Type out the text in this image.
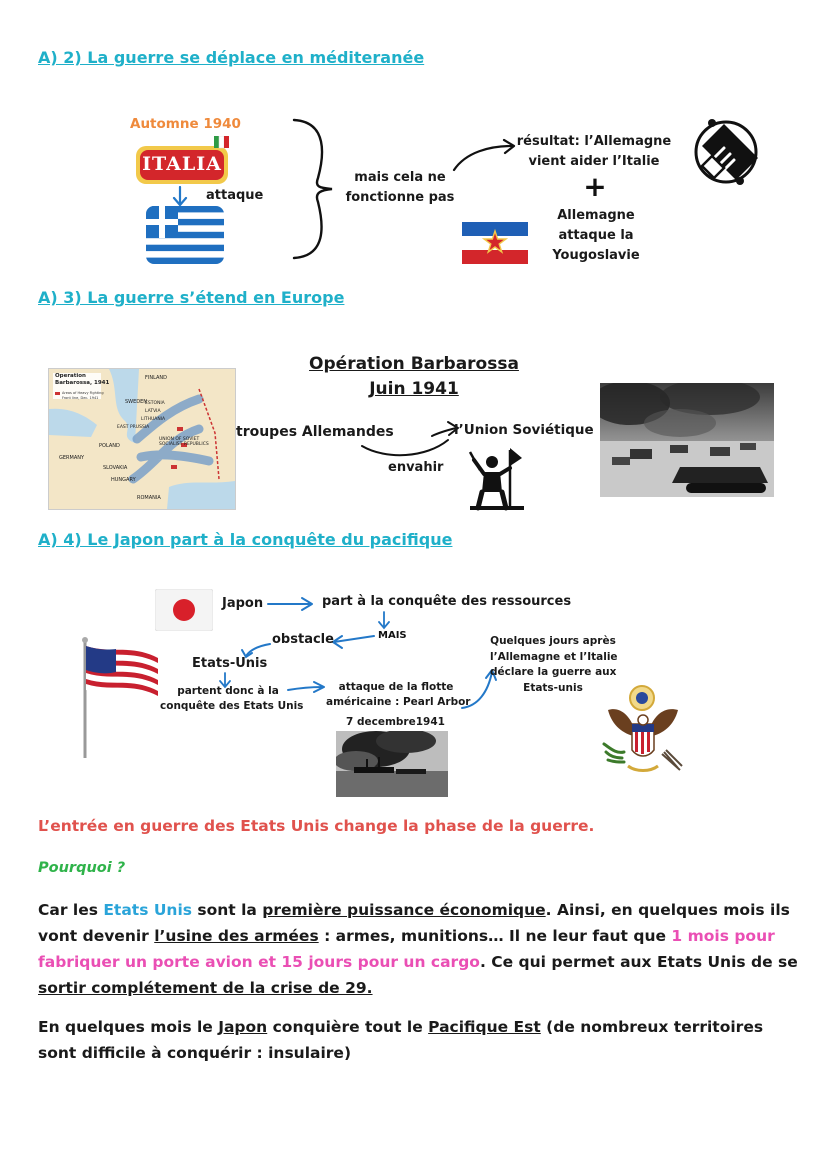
A) 2) La guerre se déplace en méditeranée
Automne 1940
ITALIA
attaque
mais cela ne
fonctionne pas
résultat: l’Allemagne
vient aider l’Italie
+
Allemagne
attaque la
Yougoslavie
A) 3) La guerre s’étend en Europe
Opération Barbarossa
Juin 1941
Operation
Barbarossa, 1941
Areas of Heavy Fighting
Front line, Dec. 1941
FINLAND
SWEDEN
ESTONIA
LATVIA
LITHUANIA
EAST PRUSSIA
POLAND
GERMANY
SLOVAKIA
HUNGARY
ROMANIA
UNION OF SOVIET SOCIALIST REPUBLICS
troupes Allemandes
envahir
l’Union Soviétique
A) 4) Le Japon part à la conquête du pacifique
Japon	part à la conquête des ressources
MAIS
obstacle
Etats-Unis
partent donc à la
conquête des Etats Unis
attaque de la flotte
américaine : Pearl Arbor
7 decembre1941
Quelques jours après
l’Allemagne et l’Italie
déclare la guerre aux
Etats-unis
L’entrée en guerre des Etats Unis change la phase de la guerre.
Pourquoi ?
Car les Etats Unis sont la première puissance économique. Ainsi, en quelques mois ils vont devenir l’usine des armées : armes, munitions… Il ne leur faut que 1 mois pour fabriquer un porte avion et 15 jours pour un cargo. Ce qui permet aux Etats Unis de se sortir complétement de la crise de 29.
En quelques mois le Japon conquière tout le Pacifique Est (de nombreux territoires sont difficile à conquérir : insulaire)
